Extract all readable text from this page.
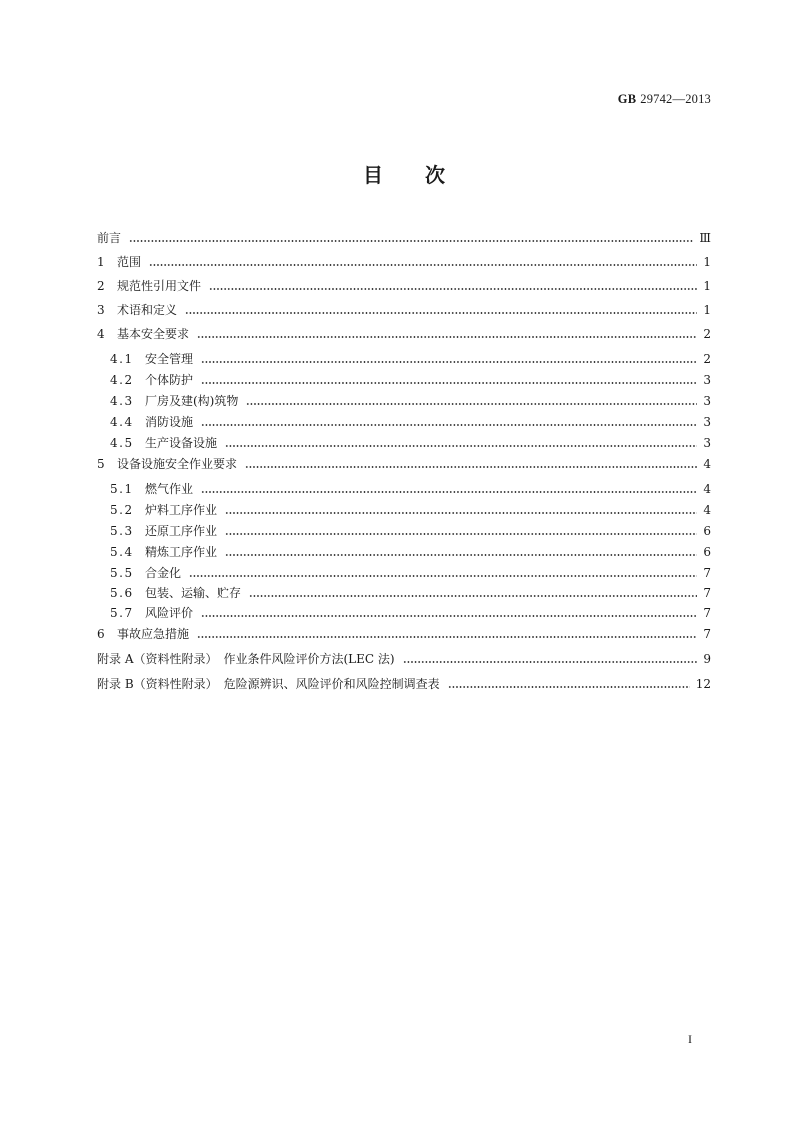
GB 29742—2013
目 次
前言	Ⅲ
1	范围	1
2	规范性引用文件	1
3	术语和定义	1
4	基本安全要求	2
4.1 安全管理	2
4.2 个体防护	3
4.3 厂房及建(构)筑物	3
4.4 消防设施	3
4.5 生产设备设施	3
5	设备设施安全作业要求	4
5.1 燃气作业	4
5.2 炉料工序作业	4
5.3 还原工序作业	6
5.4 精炼工序作业	6
5.5 合金化	7
5.6 包装、运输、贮存	7
5.7 风险评价	7
6	事故应急措施	7
附录 A（资料性附录）　作业条件风险评价方法(LEC 法)	9
附录 B（资料性附录）　危险源辨识、风险评价和风险控制调查表	12
I
